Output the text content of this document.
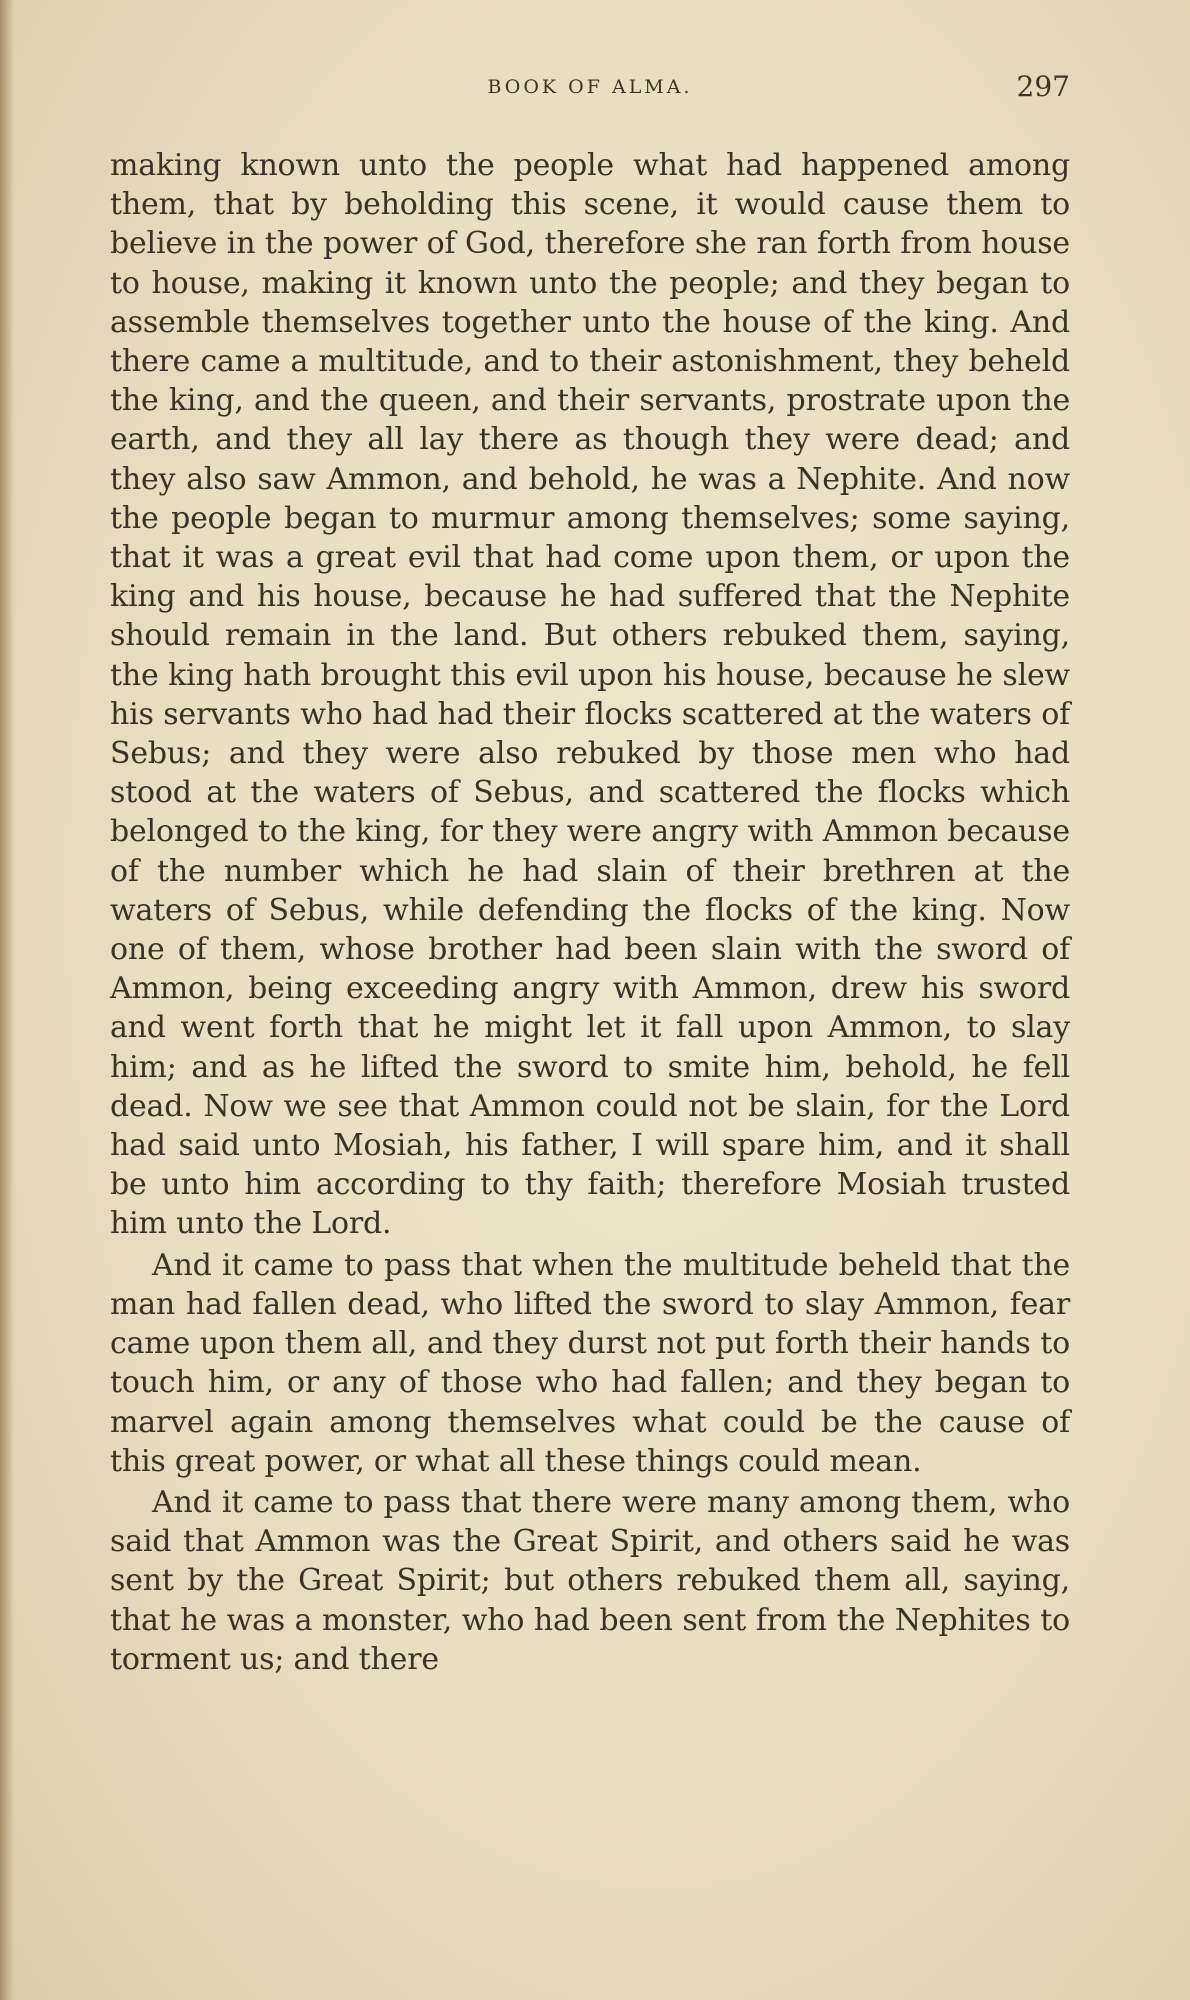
BOOK OF ALMA.	297

making known unto the people what had happened among them, that by beholding this scene, it would cause them to believe in the power of God, therefore she ran forth from house to house, making it known unto the people; and they began to assemble themselves together unto the house of the king. And there came a multitude, and to their astonishment, they beheld the king, and the queen, and their servants, prostrate upon the earth, and they all lay there as though they were dead; and they also saw Ammon, and behold, he was a Nephite. And now the people began to murmur among themselves; some saying, that it was a great evil that had come upon them, or upon the king and his house, because he had suffered that the Nephite should remain in the land. But others rebuked them, saying, the king hath brought this evil upon his house, because he slew his servants who had had their flocks scattered at the waters of Sebus; and they were also rebuked by those men who had stood at the waters of Sebus, and scattered the flocks which belonged to the king, for they were angry with Ammon because of the number which he had slain of their brethren at the waters of Sebus, while defending the flocks of the king. Now one of them, whose brother had been slain with the sword of Ammon, being exceeding angry with Ammon, drew his sword and went forth that he might let it fall upon Ammon, to slay him; and as he lifted the sword to smite him, behold, he fell dead. Now we see that Ammon could not be slain, for the Lord had said unto Mosiah, his father, I will spare him, and it shall be unto him according to thy faith; therefore Mosiah trusted him unto the Lord.

And it came to pass that when the multitude beheld that the man had fallen dead, who lifted the sword to slay Ammon, fear came upon them all, and they durst not put forth their hands to touch him, or any of those who had fallen; and they began to marvel again among themselves what could be the cause of this great power, or what all these things could mean.

And it came to pass that there were many among them, who said that Ammon was the Great Spirit, and others said he was sent by the Great Spirit; but others rebuked them all, saying, that he was a monster, who had been sent from the Nephites to torment us; and there
